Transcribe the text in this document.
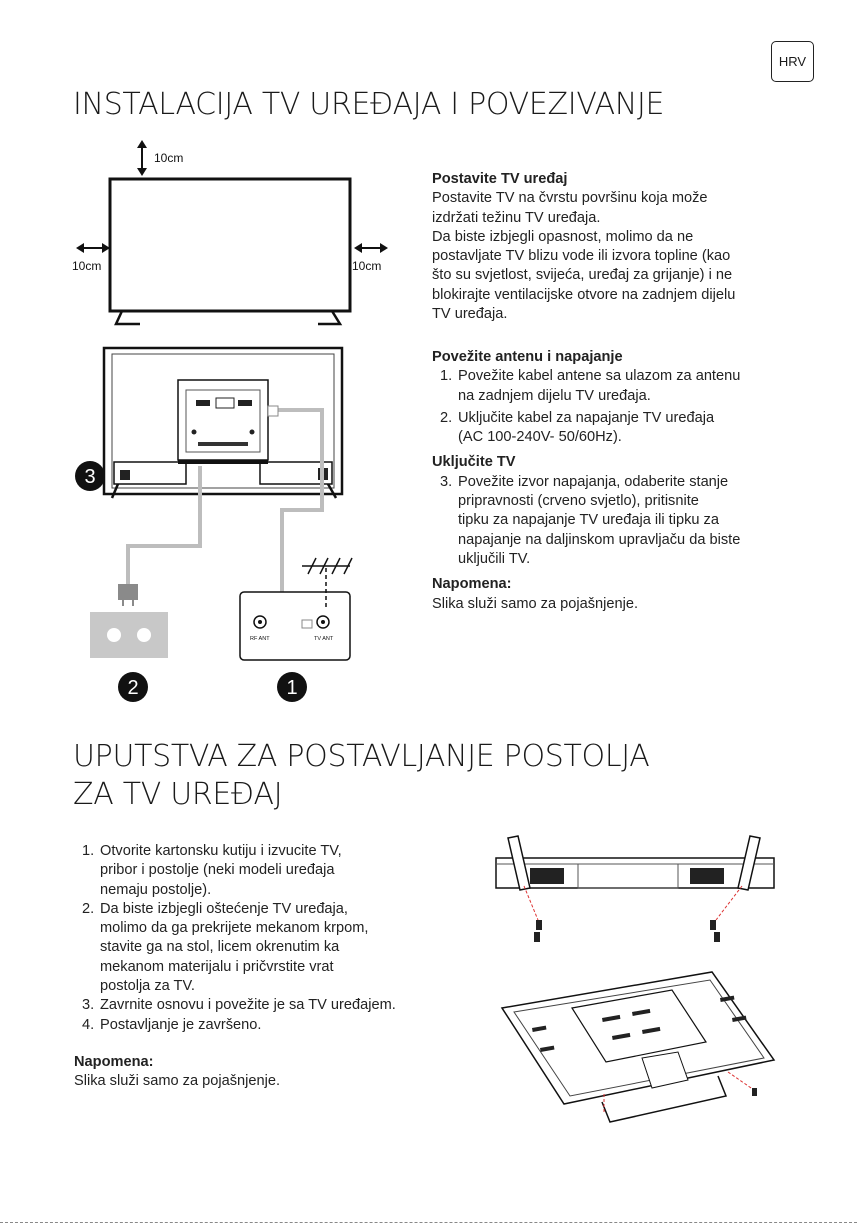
HRV
INSTALACIJA TV UREĐAJA I POVEZIVANJE
10cm
10cm	10cm
RF ANT	TV ANT
3
2	1
Postavite TV uređaj
Postavite TV na čvrstu površinu koja može
izdržati težinu TV uređaja.
Da biste izbjegli opasnost, molimo da ne
postavljate TV blizu vode ili izvora topline (kao
što su svjetlost, svijeća, uređaj za grijanje) i ne
blokirajte ventilacijske otvore na zadnjem dijelu
TV uređaja.
Povežite antenu i napajanje
1. Povežite kabel antene sa ulazom za antenu
na zadnjem dijelu TV uređaja.
2. Uključite kabel za napajanje TV uređaja
(AC 100-240V- 50/60Hz).
Uključite TV
3. Povežite izvor napajanja, odaberite stanje
pripravnosti (crveno svjetlo), pritisnite
tipku za napajanje TV uređaja ili tipku za
napajanje na daljinskom upravljaču da biste
uključili TV.
Napomena:
Slika služi samo za pojašnjenje.
UPUTSTVA ZA POSTAVLJANJE POSTOLJA
ZA TV UREĐAJ
1. Otvorite kartonsku kutiju i izvucite TV,
pribor i postolje (neki modeli uređaja
nemaju postolje).
2. Da biste izbjegli oštećenje TV uređaja,
molimo da ga prekrijete mekanom krpom,
stavite ga na stol, licem okrenutim ka
mekanom materijalu i pričvrstite vrat
postolja za TV.
3. Zavrnite osnovu i povežite je sa TV uređajem.
4. Postavljanje je završeno.
Napomena:
Slika služi samo za pojašnjenje.
